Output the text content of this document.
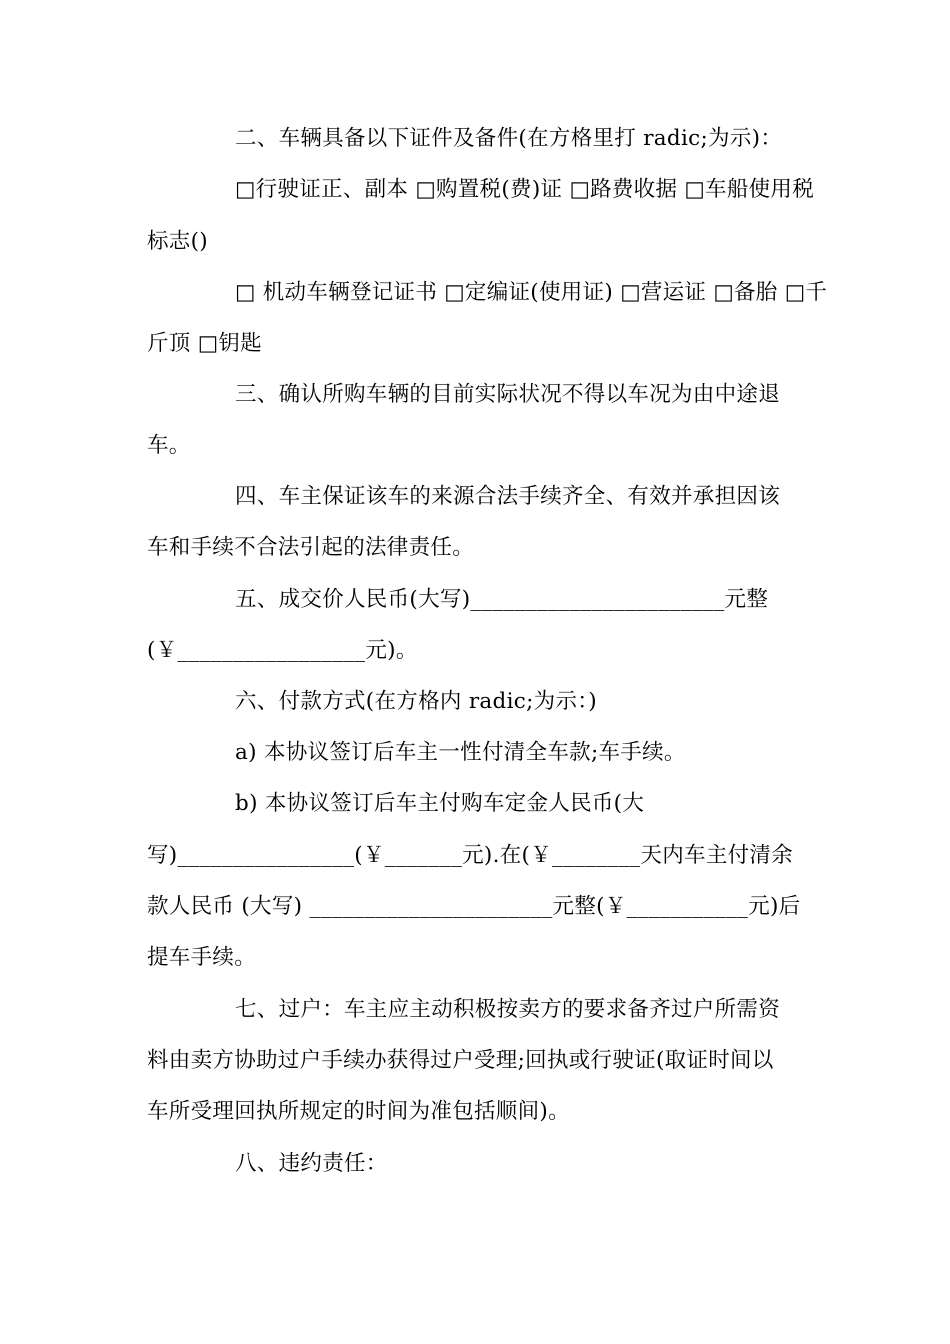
二、车辆具备以下证件及备件(在方格里打 radic;为示)：
□行驶证正、副本 □购置税(费)证 □路费收据 □车船使用税
标志()
□ 机动车辆登记证书 □定编证(使用证) □营运证 □备胎 □千
斤顶 □钥匙
三、确认所购车辆的目前实际状况不得以车况为由中途退
车。
四、车主保证该车的来源合法手续齐全、有效并承担因该
车和手续不合法引起的法律责任。
五、成交价人民币(大写)_______________________元整
(￥_________________元)。
六、付款方式(在方格内 radic;为示：)
a) 本协议签订后车主一性付清全车款;车手续。
b) 本协议签订后车主付购车定金人民币(大
写)________________(￥_______元).在(￥________天内车主付清余
款人民币 (大写) ______________________元整(￥___________元)后
提车手续。
七、过户：车主应主动积极按卖方的要求备齐过户所需资
料由卖方协助过户手续办获得过户受理;回执或行驶证(取证时间以
车所受理回执所规定的时间为准包括顺间)。
八、违约责任：
